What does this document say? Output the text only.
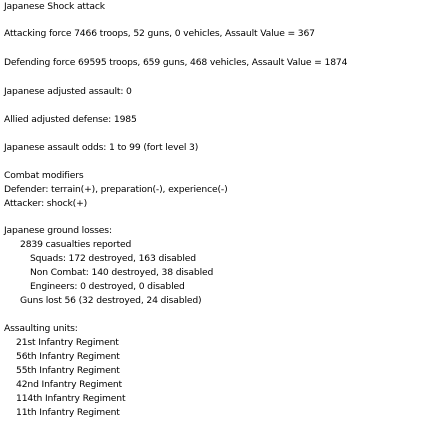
Japanese Shock attack
Attacking force 7466 troops, 52 guns, 0 vehicles, Assault Value = 367
Defending force 69595 troops, 659 guns, 468 vehicles, Assault Value = 1874
Japanese adjusted assault: 0
Allied adjusted defense: 1985
Japanese assault odds: 1 to 99 (fort level 3)
Combat modifiers
Defender: terrain(+), preparation(-), experience(-)
Attacker: shock(+)
Japanese ground losses:
2839 casualties reported
Squads: 172 destroyed, 163 disabled
Non Combat: 140 destroyed, 38 disabled
Engineers: 0 destroyed, 0 disabled
Guns lost 56 (32 destroyed, 24 disabled)
Assaulting units:
21st Infantry Regiment
56th Infantry Regiment
55th Infantry Regiment
42nd Infantry Regiment
114th Infantry Regiment
11th Infantry Regiment
